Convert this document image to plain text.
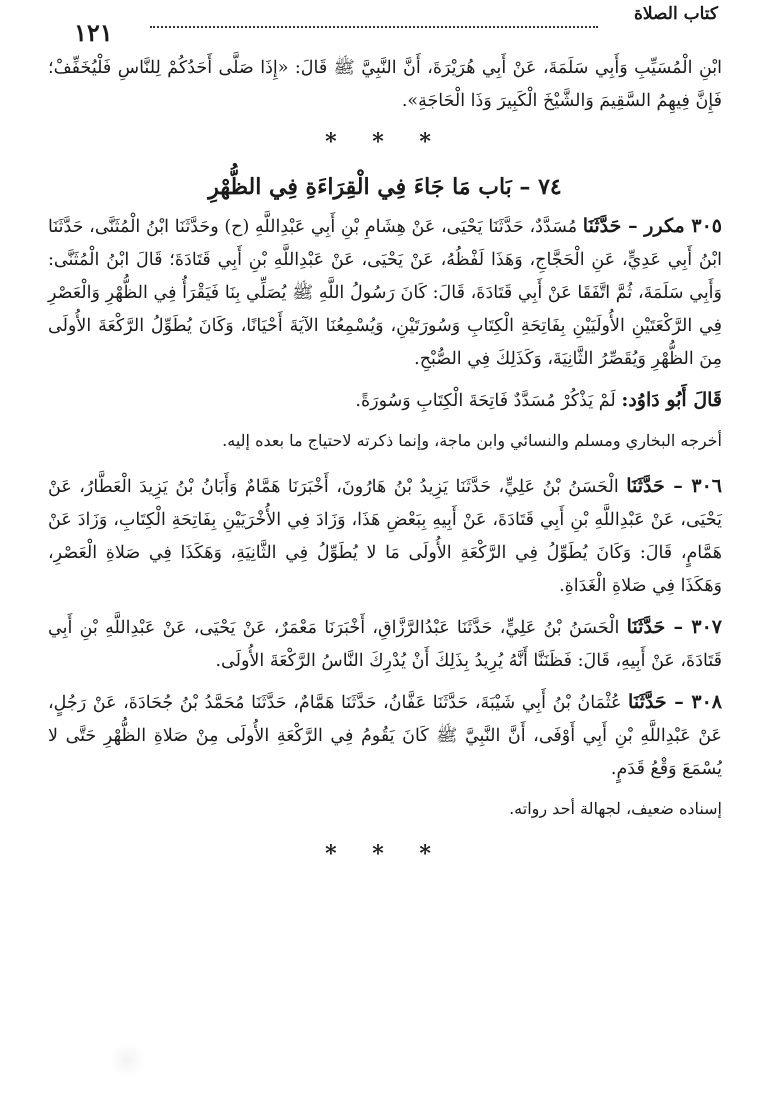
كتاب الصلاة
١٢١

ابْنِ الْمُسَيِّبِ وَأَبِي سَلَمَةَ، عَنْ أَبِي هُرَيْرَةَ، أَنَّ النَّبِيَّ ﷺ قَالَ: «إِذَا صَلَّى أَحَدُكُمْ لِلنَّاسِ فَلْيُخَفِّفْ؛ فَإِنَّ فِيهِمُ السَّقِيمَ وَالشَّيْخَ الْكَبِيرَ وَذَا الْحَاجَةِ».

* * *
٧٤ – بَاب مَا جَاءَ فِي الْقِرَاءَةِ فِي الظُّهْرِ

٣٠٥ مكرر – حَدَّثَنَا مُسَدَّدٌ، حَدَّثَنَا يَحْيَى، عَنْ هِشَامِ بْنِ أَبِي عَبْدِاللَّهِ (ح) وحَدَّثَنَا ابْنُ الْمُثَنَّى، حَدَّثَنَا ابْنُ أَبِي عَدِيٍّ، عَنِ الْحَجَّاجِ، وَهَذَا لَفْظُهُ، عَنْ يَحْيَى، عَنْ عَبْدِاللَّهِ بْنِ أَبِي قَتَادَةَ؛ قَالَ ابْنُ الْمُثَنَّى: وَأَبِي سَلَمَةَ، ثُمَّ اتَّفَقَا عَنْ أَبِي قَتَادَةَ، قَالَ: كَانَ رَسُولُ اللَّهِ ﷺ يُصَلِّي بِنَا فَيَقْرَأُ فِي الظُّهْرِ وَالْعَصْرِ فِي الرَّكْعَتَيْنِ الأُولَيَيْنِ بِفَاتِحَةِ الْكِتَابِ وَسُورَتَيْنِ، وَيُسْمِعُنَا الآيَةَ أَحْيَانًا، وَكَانَ يُطَوِّلُ الرَّكْعَةَ الأُولَى مِنَ الظُّهْرِ وَيُقَصِّرُ الثَّانِيَةَ، وَكَذَلِكَ فِي الصُّبْحِ.

قَالَ أَبُو دَاوُد: لَمْ يَذْكُرْ مُسَدَّدٌ فَاتِحَةَ الْكِتَابِ وَسُورَةً.

أخرجه البخاري ومسلم والنسائي وابن ماجة، وإنما ذكرته لاحتياج ما بعده إليه.

٣٠٦ – حَدَّثَنَا الْحَسَنُ بْنُ عَلِيٍّ، حَدَّثَنَا يَزِيدُ بْنُ هَارُونَ، أَخْبَرَنَا هَمَّامٌ وَأَبَانُ بْنُ يَزِيدَ الْعَطَّارُ، عَنْ يَحْيَى، عَنْ عَبْدِاللَّهِ بْنِ أَبِي قَتَادَةَ، عَنْ أَبِيهِ بِبَعْضِ هَذَا، وَزَادَ فِي الأُخْرَيَيْنِ بِفَاتِحَةِ الْكِتَابِ، وَزَادَ عَنْ هَمَّامٍ، قَالَ: وَكَانَ يُطَوِّلُ فِي الرَّكْعَةِ الأُولَى مَا لا يُطَوِّلُ فِي الثَّانِيَةِ، وَهَكَذَا فِي صَلاةِ الْعَصْرِ، وَهَكَذَا فِي صَلاةِ الْغَدَاةِ.

٣٠٧ – حَدَّثَنَا الْحَسَنُ بْنُ عَلِيٍّ، حَدَّثَنَا عَبْدُالرَّزَّاقِ، أَخْبَرَنَا مَعْمَرٌ، عَنْ يَحْيَى، عَنْ عَبْدِاللَّهِ بْنِ أَبِي قَتَادَةَ، عَنْ أَبِيهِ، قَالَ: فَظَنَنَّا أَنَّهُ يُرِيدُ بِذَلِكَ أَنْ يُدْرِكَ النَّاسُ الرَّكْعَةَ الأُولَى.

٣٠٨ – حَدَّثَنَا عُثْمَانُ بْنُ أَبِي شَيْبَةَ، حَدَّثَنَا عَفَّانُ، حَدَّثَنَا هَمَّامٌ، حَدَّثَنَا مُحَمَّدُ بْنُ جُحَادَةَ، عَنْ رَجُلٍ، عَنْ عَبْدِاللَّهِ بْنِ أَبِي أَوْفَى، أَنَّ النَّبِيَّ ﷺ كَانَ يَقُومُ فِي الرَّكْعَةِ الأُولَى مِنْ صَلاةِ الظُّهْرِ حَتَّى لا يُسْمَعَ وَقْعُ قَدَمٍ.

إسناده ضعيف، لجهالة أحد رواته.

* * *
